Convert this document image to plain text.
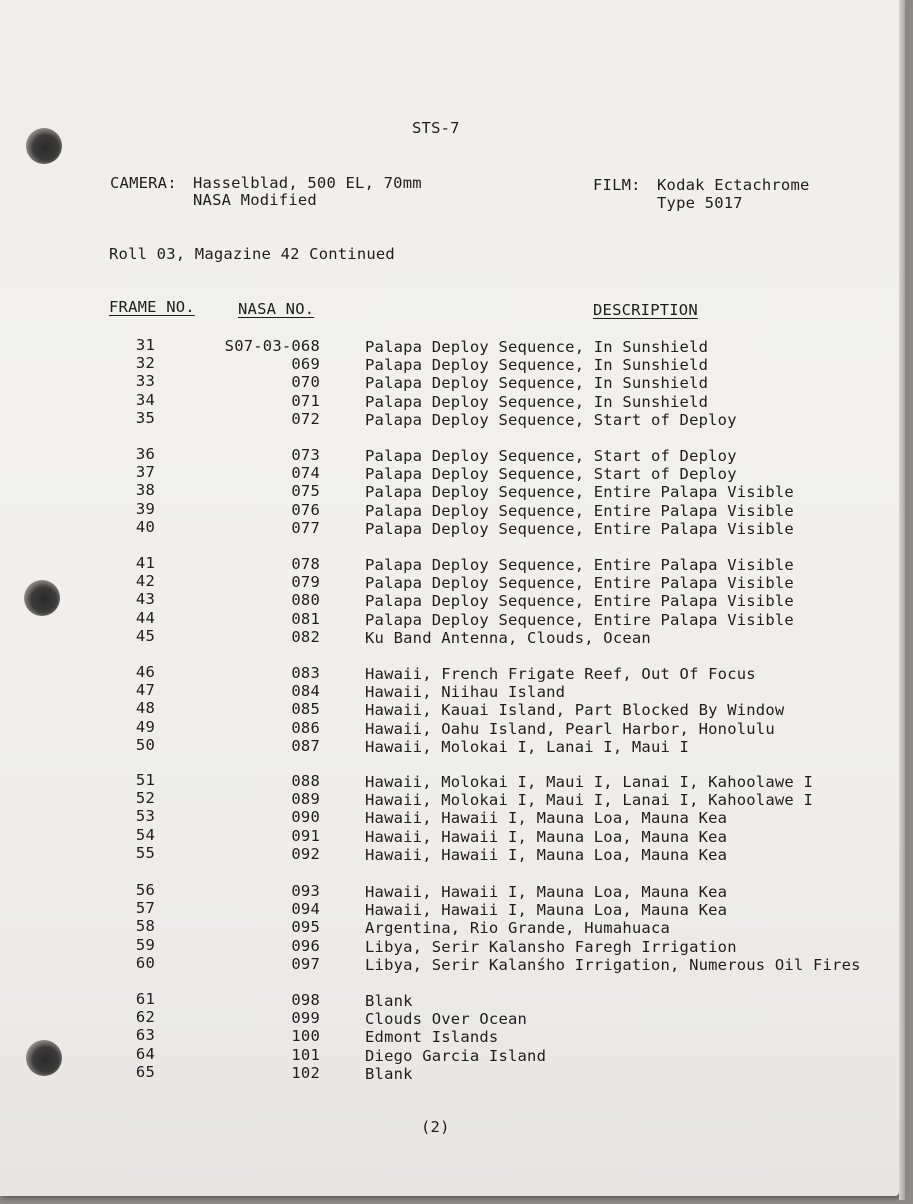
STS-7
CAMERA: Hasselblad, 500 EL, 70mm
NASA Modified
FILM: Kodak Ectachrome
Type 5017
Roll 03, Magazine 42 Continued
FRAME NO.	NASA NO.	DESCRIPTION
31	S07-03-068	Palapa Deploy Sequence, In Sunshield
32	069	Palapa Deploy Sequence, In Sunshield
33	070	Palapa Deploy Sequence, In Sunshield
34	071	Palapa Deploy Sequence, In Sunshield
35	072	Palapa Deploy Sequence, Start of Deploy
36	073	Palapa Deploy Sequence, Start of Deploy
37	074	Palapa Deploy Sequence, Start of Deploy
38	075	Palapa Deploy Sequence, Entire Palapa Visible
39	076	Palapa Deploy Sequence, Entire Palapa Visible
40	077	Palapa Deploy Sequence, Entire Palapa Visible
41	078	Palapa Deploy Sequence, Entire Palapa Visible
42	079	Palapa Deploy Sequence, Entire Palapa Visible
43	080	Palapa Deploy Sequence, Entire Palapa Visible
44	081	Palapa Deploy Sequence, Entire Palapa Visible
45	082	Ku Band Antenna, Clouds, Ocean
46	083	Hawaii, French Frigate Reef, Out Of Focus
47	084	Hawaii, Niihau Island
48	085	Hawaii, Kauai Island, Part Blocked By Window
49	086	Hawaii, Oahu Island, Pearl Harbor, Honolulu
50	087	Hawaii, Molokai I, Lanai I, Maui I
51	088	Hawaii, Molokai I, Maui I, Lanai I, Kahoolawe I
52	089	Hawaii, Molokai I, Maui I, Lanai I, Kahoolawe I
53	090	Hawaii, Hawaii I, Mauna Loa, Mauna Kea
54	091	Hawaii, Hawaii I, Mauna Loa, Mauna Kea
55	092	Hawaii, Hawaii I, Mauna Loa, Mauna Kea
56	093	Hawaii, Hawaii I, Mauna Loa, Mauna Kea
57	094	Hawaii, Hawaii I, Mauna Loa, Mauna Kea
58	095	Argentina, Rio Grande, Humahuaca
59	096	Libya, Serir Kalansho Faregh Irrigation
60	097	Libya, Serir Kalanśho Irrigation, Numerous Oil Fires
61	098	Blank
62	099	Clouds Over Ocean
63	100	Edmont Islands
64	101	Diego Garcia Island
65	102	Blank
(2)
